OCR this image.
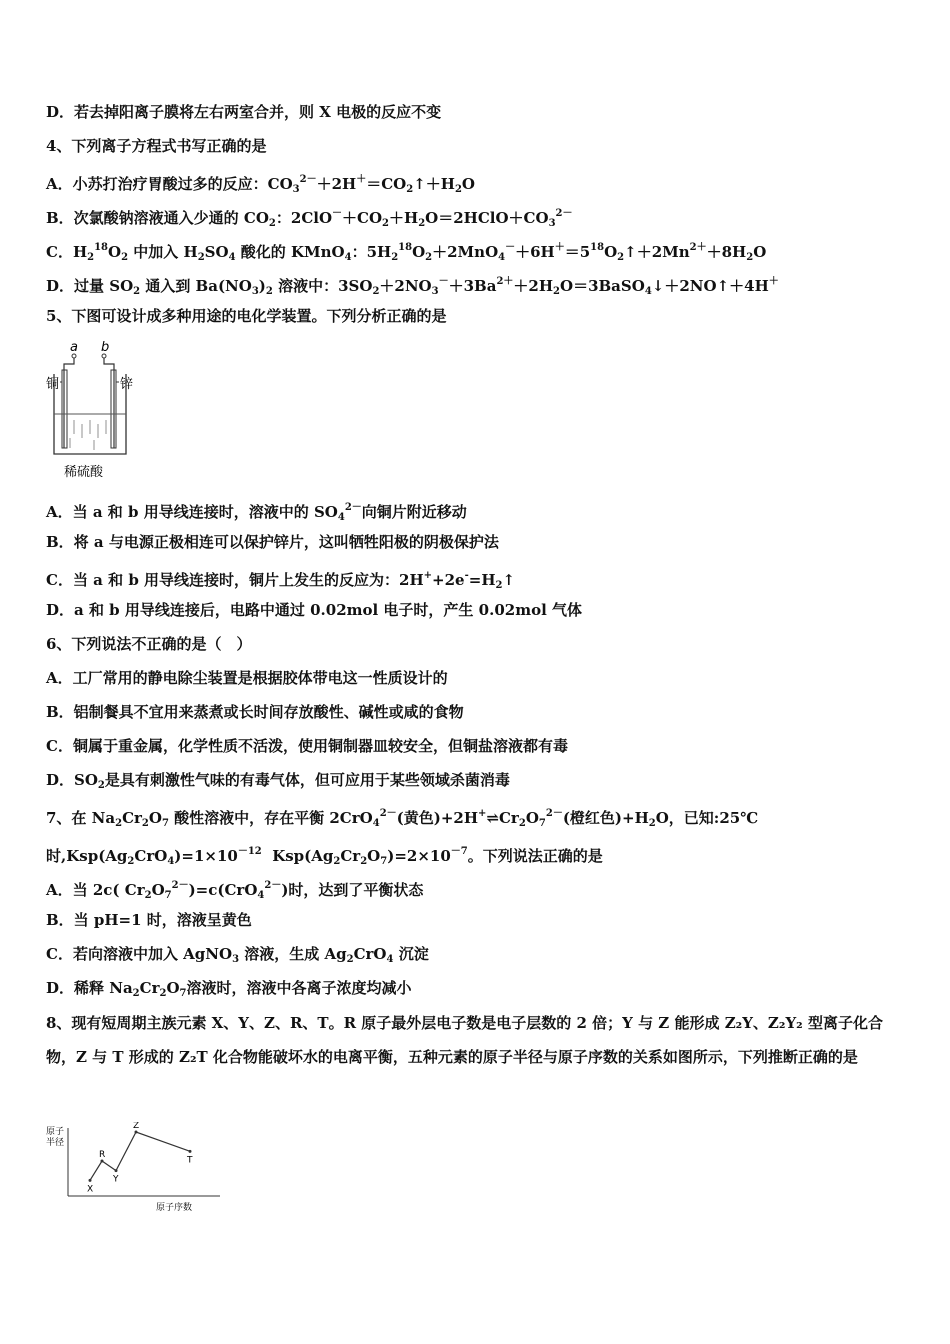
D．若去掉阳离子膜将左右两室合并，则 X 电极的反应不变
4、下列离子方程式书写正确的是
A．小苏打治疗胃酸过多的反应：$CO_3^{2-}+2H^+=CO_2↑+H_2O$
B．次氯酸钠溶液通入少通的 $CO_2$：$2ClO^-+CO_2+H_2O=2HClO+CO_3^{2-}$
C．$H_2^{18}O_2$ 中加入 $H_2SO_4$ 酸化的 KMnO$_4$：$5H_2^{18}O_2+2MnO_4^-+6H^+=5^{18}O_2↑+2Mn^{2+}+8H_2O$
D．过量 $SO_2$ 通入到 $Ba(NO_3)_2$ 溶液中：$3SO_2+2NO_3^-+3Ba^{2+}+2H_2O=3BaSO_4↓+2NO↑+4H^+$
5、下图可设计成多种用途的电化学装置。下列分析正确的是
a b
铜	锌
稀硫酸
A．当 a 和 b 用导线连接时，溶液中的 $SO_4^{2-}$向铜片附近移动
B．将 a 与电源正极相连可以保护锌片，这叫牺牲阳极的阴极保护法
C．当 a 和 b 用导线连接时，铜片上发生的反应为：$2H^++2e^-=H_2↑$
D．a 和 b 用导线连接后，电路中通过 0.02mol 电子时，产生 0.02mol 气体
6、下列说法不正确的是（　）
A．工厂常用的静电除尘装置是根据胶体带电这一性质设计的
B．铝制餐具不宜用来蒸煮或长时间存放酸性、碱性或咸的食物
C．铜属于重金属，化学性质不活泼，使用铜制器皿较安全，但铜盐溶液都有毒
D．$SO_2$是具有刺激性气味的有毒气体，但可应用于某些领域杀菌消毒
7、在 $Na_2Cr_2O_7$ 酸性溶液中，存在平衡 2CrO$_4^{2-}$(黄色)$+2H^+\rightleftharpoons Cr_2O_7^{2-}$(橙红色)$+H_2O$，已知:25℃
时$,Ksp(Ag_2CrO_4)=1\times 10^{-12}$  $Ksp(Ag_2Cr_2O_7)=2\times 10^{-7}$。下列说法正确的是
A．当 2c( $Cr_2O_7^{2-})=c(CrO_4^{2-})$时，达到了平衡状态
B．当 pH=1 时，溶液呈黄色
C．若向溶液中加入 AgNO$_3$ 溶液，生成 $Ag_2CrO_4$ 沉淀
D．稀释 $Na_2Cr_2O_7$溶液时，溶液中各离子浓度均减小
8、现有短周期主族元素 X、Y、Z、R、T。R 原子最外层电子数是电子层数的 2 倍；Y 与 Z 能形成 Z₂Y、Z₂Y₂ 型离子化合物，Z 与 T 形成的 Z₂T 化合物能破坏水的电离平衡，五种元素的原子半径与原子序数的关系如图所示，下列推断正确的是
原子 半径
X
R
Y
Z
T
原子序数
